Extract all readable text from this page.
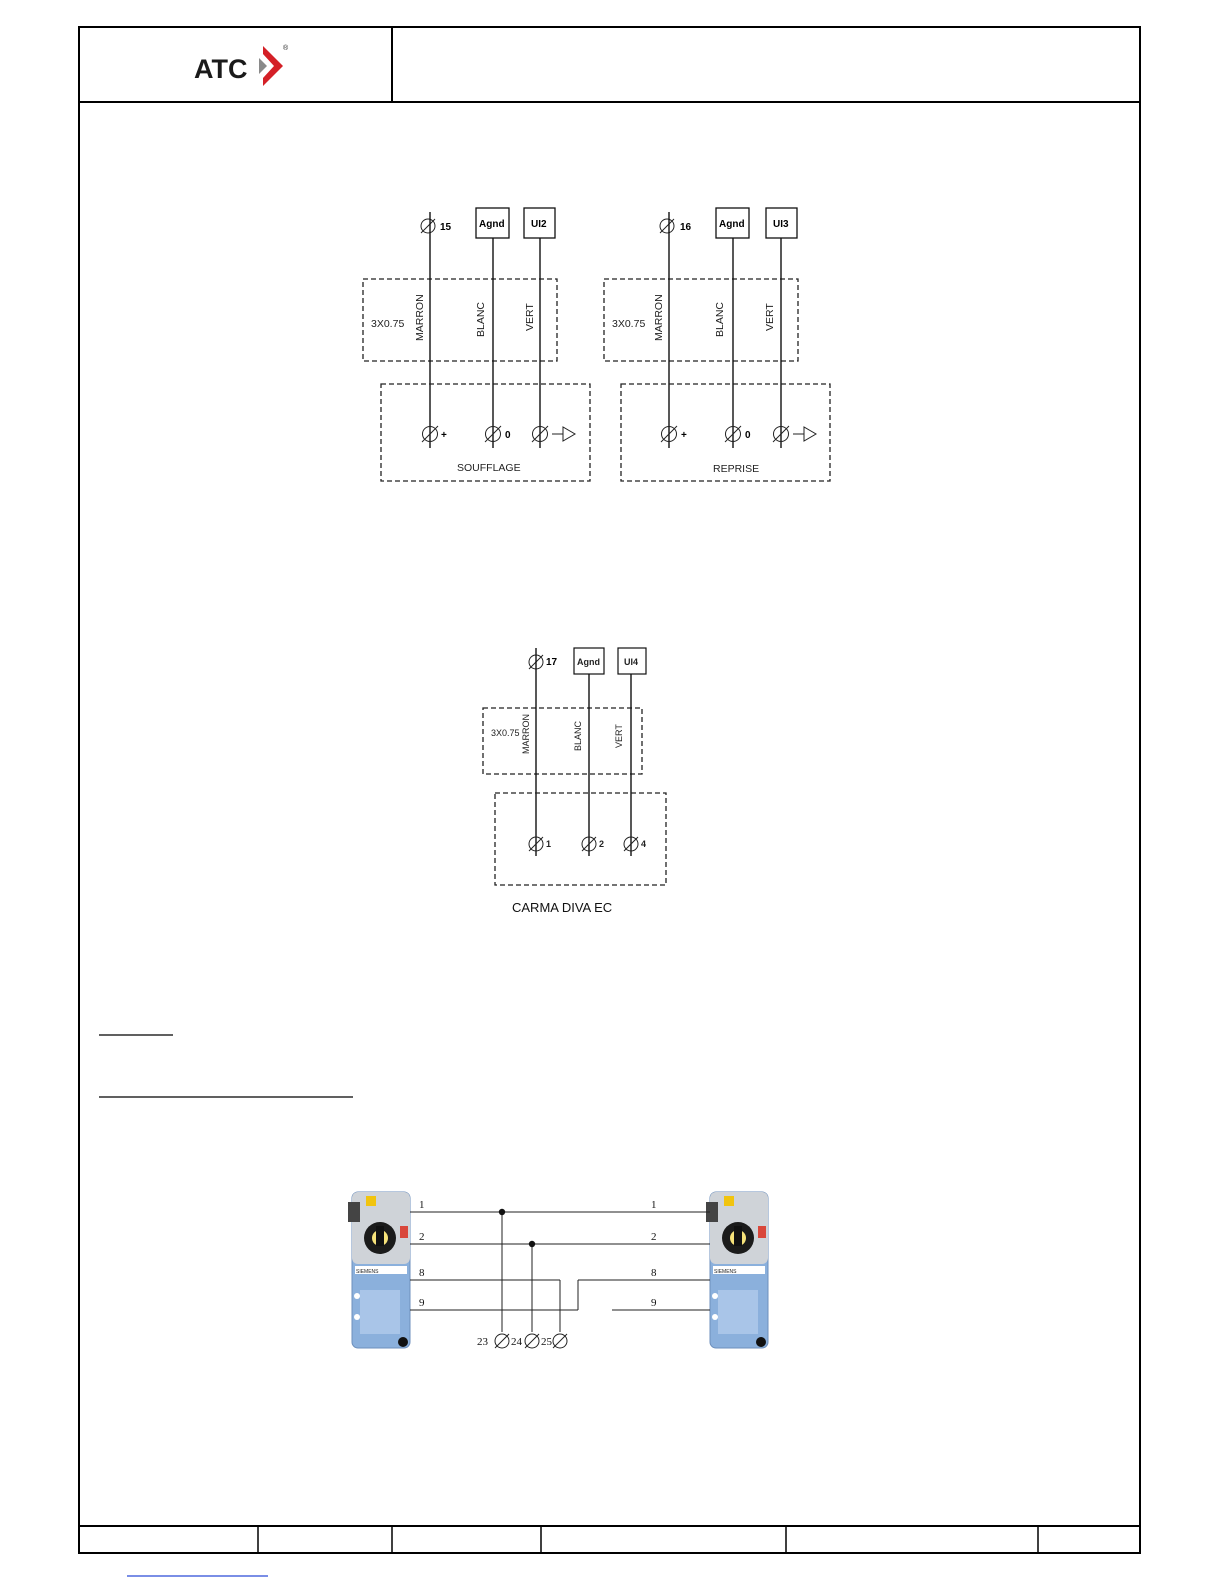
ATC
®
15	Agnd	UI2
3X0.75 MARRON	BLANC	VERT
+	0
SOUFFLAGE
16	Agnd	UI3
3X0.75 MARRON	BLANC	VERT
+	0
REPRISE
17 Agnd	UI4
3X0.75 MARRON	BLANC	VERT
1	2	4
CARMA DIVA EC
SIEMENS	SIEMENS
1
2
8
9
1
2
8
9
23 24 25
